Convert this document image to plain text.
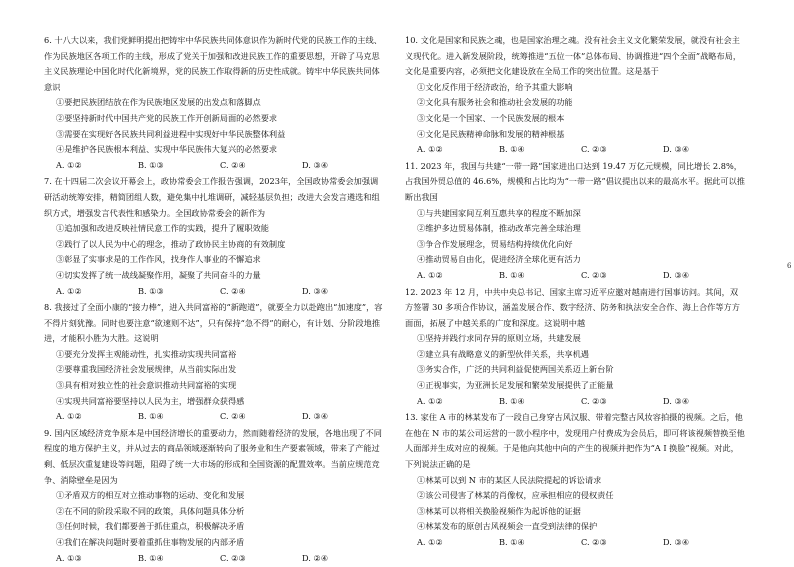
6. 十八大以来，我们党鲜明提出把铸牢中华民族共同体意识作为新时代党的民族工作的主线、作为民族地区各项工作的主线，形成了党关于加强和改进民族工作的重要思想，开辟了马克思主义民族理论中国化时代化新境界，党的民族工作取得新的历史性成就。铸牢中华民族共同体意识

①要把民族团结放在作为民族地区发展的出发点和落脚点

②要坚持新时代中国共产党的民族工作开创新局面的必然要求

③需要在实现好各民族共同利益进程中实现好中华民族整体利益

④是维护各民族根本利益、实现中华民族伟大复兴的必然要求

A. ①②	B. ①③	C. ②④	D. ③④

7. 在十四届二次会议开幕会上，政协常委会工作报告强调，2023年，全国政协常委会加强调研活动统筹安排，精简团组人数，避免集中扎堆调研，减轻基层负担；改进大会发言遴选和组织方式，增强发言代表性和感染力。全国政协常委会的新作为

①追加强和改进反映社情民意工作的实践，提升了履职效能

②践行了以人民为中心的理念，推动了政协民主协商的有效制度

③彰显了实事求是的工作作风，找身作人事业的不懈追求

④切实发挥了统一战线凝聚作用，凝聚了共同奋斗的力量

A. ①②	B. ①③	C. ②④	D. ③④

8. 我接过了全面小康的“接力棒”，进入共同富裕的“新跑道”，就要全力以赴跑出“加速度”，容不得片刻犹豫。同时也要注意“欲速则不达”，只有保持“急不得”的耐心，有计划、分阶段地推进，才能积小胜为大胜。这说明

①要充分发挥主观能动性，扎实推动实现共同富裕

②要尊重我国经济社会发展规律，从当前实际出发

③具有相对独立性的社会意识推动共同富裕的实现

④实现共同富裕要坚持以人民为主，增强群众获得感

A. ①②	B. ①④	C. ②④	D. ③④

9. 国内区域经济竞争原本是中国经济增长的重要动力，然而随着经济的发展，各地出现了不同程度的地方保护主义，并从过去的商品领域逐渐转向了服务业和生产要素领域，带来了产能过剩、低层次重复建设等问题，阻碍了统一大市场的形成和全国资源的配置效率。当前应规范竞争、消除壁垒是因为

①矛盾双方的相互对立推动事物的运动、变化和发展

②在不同的阶段采取不同的政策，具体问题具体分析

③任何时候，我们都要善于抓住重点，积极解决矛盾

④我们在解决问题时要着重抓住事物发展的内部矛盾

A. ①③	B. ①④	C. ②③	D. ②④

10. 文化是国家和民族之魂，也是国家治理之魂。没有社会主义文化繁荣发展，就没有社会主义现代化。进入新发展阶段，统筹推进“五位一体”总体布局、协调推进“四个全面”战略布局，文化是重要内容，必须把文化建设放在全局工作的突出位置。这是基于

①文化反作用于经济政治，给予其重大影响

②文化具有服务社会和推动社会发展的功能

③文化是一个国家、一个民族发展的根本

④文化是民族精神命脉和发展的精神根基

A. ①②	B. ①④	C. ②③	D. ③④

11. 2023 年，我国与共建“一带一路”国家进出口达到 19.47 万亿元规模，同比增长 2.8%，占我国外贸总值的 46.6%，规模和占比均为“一带一路”倡议提出以来的最高水平。据此可以推断出我国

①与共建国家间互利互惠共享的程度不断加深

②维护多边贸易体制，推动改革完善全球治理

③争合作发展理念，贸易结构持续优化向好

④推动贸易自由化，促进经济全球化更有活力

A. ①②	B. ①④	C. ②③	D. ③④

12. 2023 年 12 月，中共中央总书记、国家主席习近平应邀对越南进行国事访问。其间，双方签署 30 多项合作协议，涵盖发展合作、数字经济、防务和执法安全合作、海上合作等方方面面，拓展了中越关系的广度和深度。这说明中越

①坚持并践行求同存异的原则立场，共建发展

②建立具有战略意义的新型伙伴关系，共享机遇

③务实合作，广泛的共同利益促使两国关系迈上新台阶

④正视事实，为亚洲长足发展和繁荣发展提供了正能量

A. ①②	B. ①④	C. ②③	D. ③④

13. 家住 A 市的林某发布了一段自己身穿古风汉服、带着完整古风妆容拍摄的视频。之后，他在他在 N 市的某公司运营的一款小程序中，发现用户付费成为会员后，即可将该视频替换至他人面部并生成对应的视频。于是他向其他中向的产生的视频并把作为“A I 换脸”视频。对此，下列说法正确的是

①林某可以到 N 市的某区人民法院提起的诉讼请求

②该公司侵害了林某的肖像权，应承担相应的侵权责任

③林某可以将相关换脸视频作为起诉他的证据

④林某发布的原创古风视频会一直受到法律的保护

A. ①②	B. ①④	C. ②③	D. ③④
6
